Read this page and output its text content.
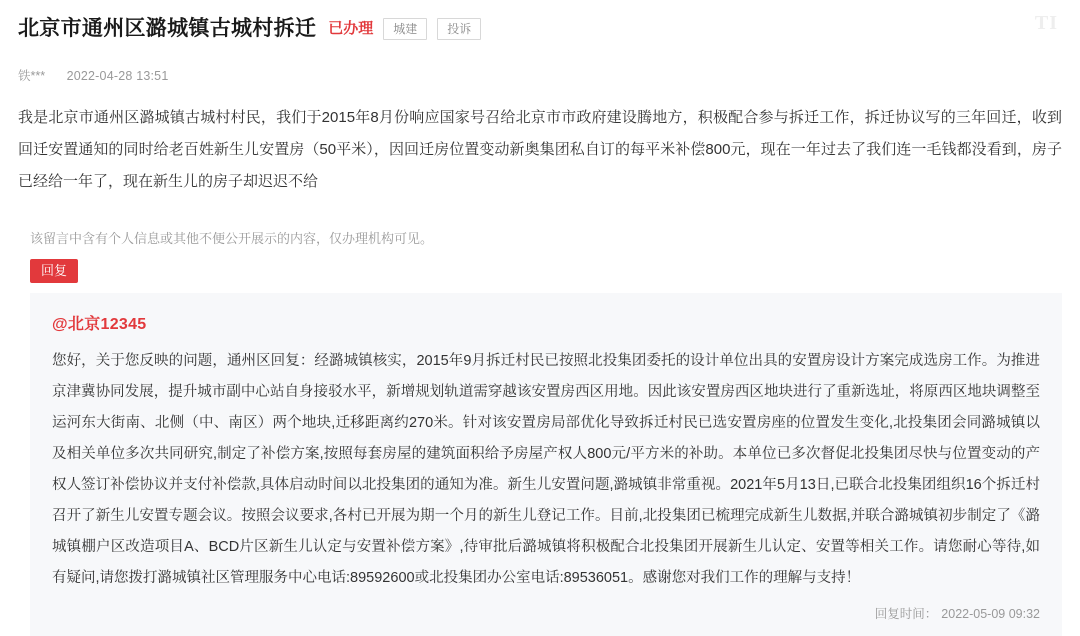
北京市通州区潞城镇古城村拆迁 已办理	城建	投诉	TI
铁*** 2022-04-28 13:51
我是北京市通州区潞城镇古城村村民，我们于2015年8月份响应国家号召给北京市市政府建设腾地方，积极配合参与拆迁工作，拆迁协议写的三年回迁，收到回迁安置通知的同时给老百姓新生儿安置房（50平米），因回迁房位置变动新奥集团私自订的每平米补偿800元，现在一年过去了我们连一毛钱都没看到，房子已经给一年了，现在新生儿的房子却迟迟不给
该留言中含有个人信息或其他不便公开展示的内容，仅办理机构可见。
回复
@北京12345
您好，关于您反映的问题，通州区回复：经潞城镇核实，2015年9月拆迁村民已按照北投集团委托的设计单位出具的安置房设计方案完成选房工作。为推进京津冀协同发展，提升城市副中心站自身接驳水平，新增规划轨道需穿越该安置房西区用地。因此该安置房西区地块进行了重新选址，将原西区地块调整至运河东大街南、北侧（中、南区）两个地块,迁移距离约270米。针对该安置房局部优化导致拆迁村民已选安置房座的位置发生变化,北投集团会同潞城镇以及相关单位多次共同研究,制定了补偿方案,按照每套房屋的建筑面积给予房屋产权人800元/平方米的补助。本单位已多次督促北投集团尽快与位置变动的产权人签订补偿协议并支付补偿款,具体启动时间以北投集团的通知为准。新生儿安置问题,潞城镇非常重视。2021年5月13日,已联合北投集团组织16个拆迁村召开了新生儿安置专题会议。按照会议要求,各村已开展为期一个月的新生儿登记工作。目前,北投集团已梳理完成新生儿数据,并联合潞城镇初步制定了《潞城镇棚户区改造项目A、BCD片区新生儿认定与安置补偿方案》,待审批后潞城镇将积极配合北投集团开展新生儿认定、安置等相关工作。请您耐心等待,如有疑问,请您拨打潞城镇社区管理服务中心电话:89592600或北投集团办公室电话:89536051。感谢您对我们工作的理解与支持！
回复时间： 2022-05-09 09:32
